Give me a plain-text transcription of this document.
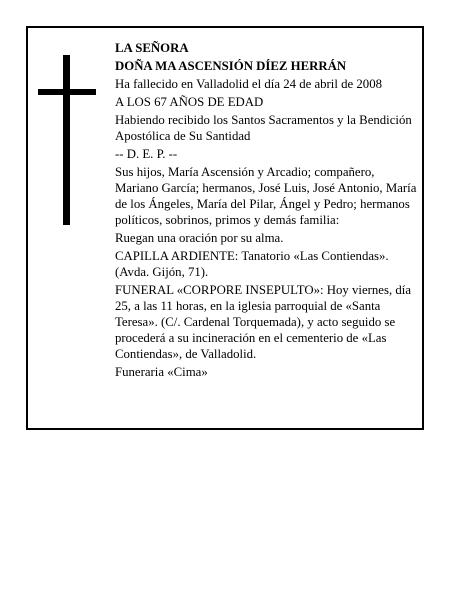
LA SEÑORA

DOÑA MA ASCENSIÓN DÍEZ HERRÁN

Ha fallecido en Valladolid el día 24 de abril de 2008

A LOS 67 AÑOS DE EDAD

Habiendo recibido los Santos Sacramentos y la Bendición Apostólica de Su Santidad

-- D. E. P. --

Sus hijos, María Ascensión y Arcadio; compañero, Mariano García; hermanos, José Luis, José Antonio, María de los Ángeles, María del Pilar, Ángel y Pedro; hermanos políticos, sobrinos, primos y demás familia:

Ruegan una oración por su alma.

CAPILLA ARDIENTE: Tanatorio «Las Contiendas». (Avda. Gijón, 71).

FUNERAL «CORPORE INSEPULTO»: Hoy viernes, día 25, a las 11 horas, en la iglesia parroquial de «Santa Teresa». (C/. Cardenal Torquemada), y acto seguido se procederá a su incineración en el cementerio de «Las Contiendas», de Valladolid.

Funeraria «Cima»
